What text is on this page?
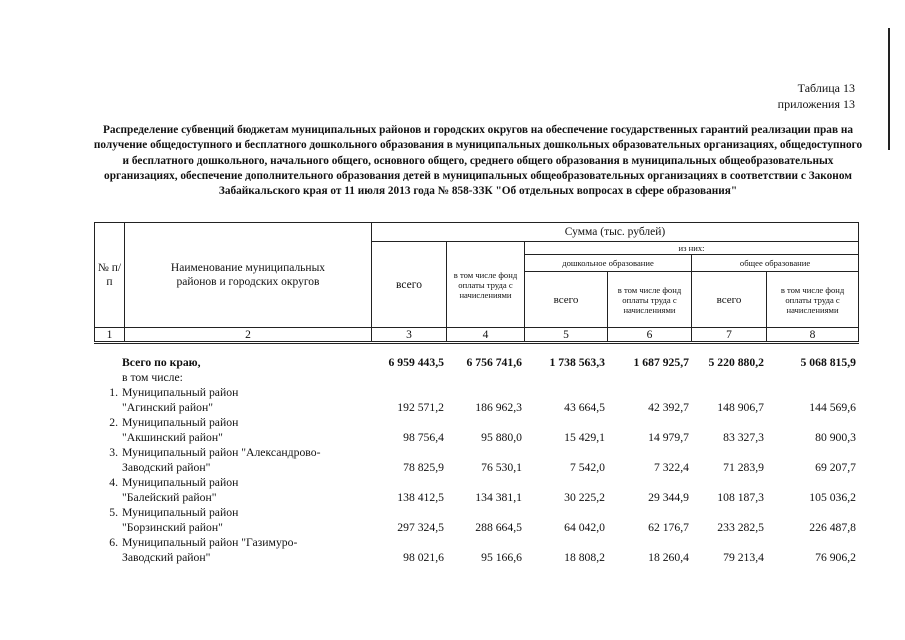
Таблица 13
приложения 13
Распределение субвенций бюджетам муниципальных районов и городских округов на обеспечение государственных гарантий реализации прав на получение общедоступного и бесплатного дошкольного образования в муниципальных дошкольных образовательных организациях, общедоступного и бесплатного дошкольного, начального общего, основного общего, среднего общего образования в муниципальных общеобразовательных организациях, обеспечение дополнительного образования детей в муниципальных общеобразовательных организациях в соответствии с Законом Забайкальского края от 11 июля 2013 года № 858-ЗЗК "Об отдельных вопросах в сфере образования"
№ п/п	Наименование муниципальных районов и городских округов	Сумма (тыс. рублей)					
		всего	в том числе фонд оплаты труда с начислениями	из них:			
				дошкольное образование		общее образование	
				всего	в том числе фонд оплаты труда с начислениями	всего	в том числе фонд оплаты труда с начислениями
1	2	3	4	5	6	7	8
	Всего по краю,	6 959 443,5	6 756 741,6	1 738 563,3	1 687 925,7	5 220 880,2	5 068 815,9
	в том числе:						
1.	Муниципальный район						
	"Агинский район"	192 571,2	186 962,3	43 664,5	42 392,7	148 906,7	144 569,6
2.	Муниципальный район						
	"Акшинский район"	98 756,4	95 880,0	15 429,1	14 979,7	83 327,3	80 900,3
3.	Муниципальный район "Александрово-						
	Заводский район"	78 825,9	76 530,1	7 542,0	7 322,4	71 283,9	69 207,7
4.	Муниципальный район						
	"Балейский район"	138 412,5	134 381,1	30 225,2	29 344,9	108 187,3	105 036,2
5.	Муниципальный район						
	"Борзинский район"	297 324,5	288 664,5	64 042,0	62 176,7	233 282,5	226 487,8
6.	Муниципальный район "Газимуро-						
	Заводский район"	98 021,6	95 166,6	18 808,2	18 260,4	79 213,4	76 906,2
